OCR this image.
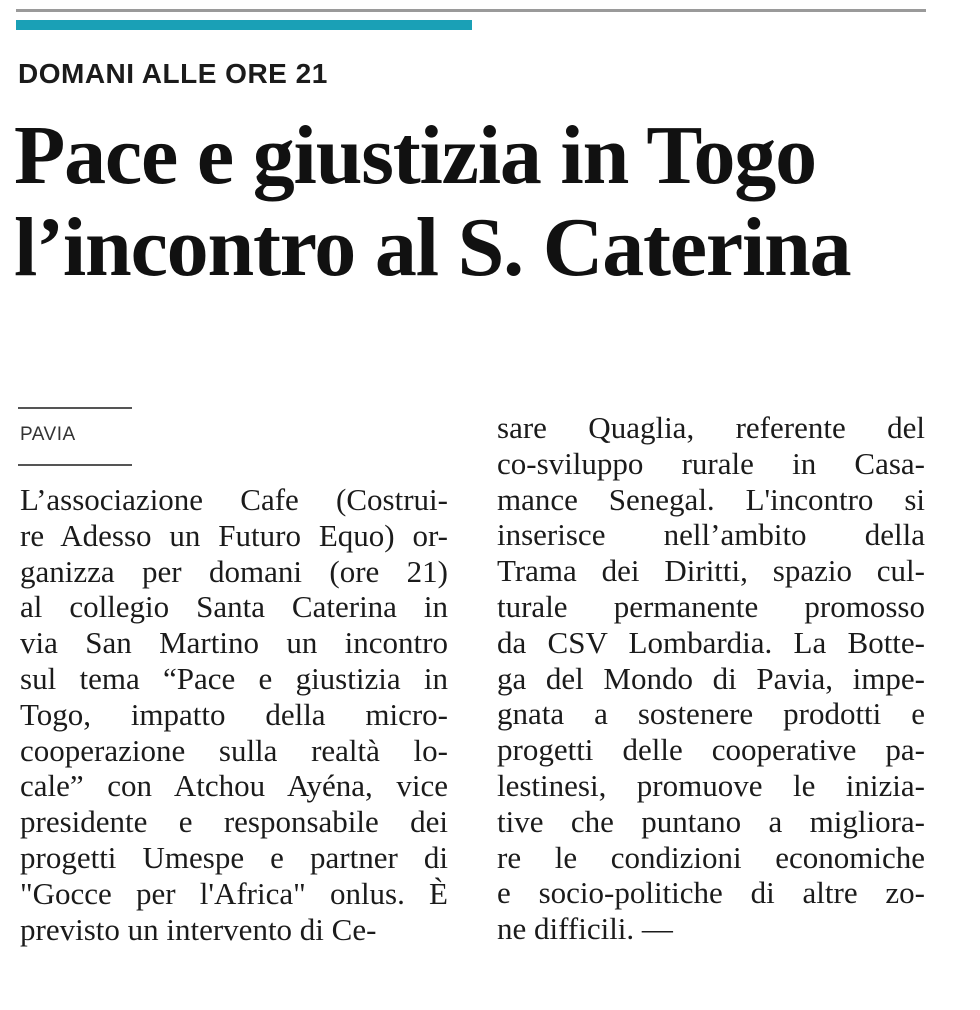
DOMANI ALLE ORE 21
Pace e giustizia in Togo
l’incontro al S. Caterina
PAVIA
L’associazione Cafe (Costrui-
re Adesso un Futuro Equo) or-
ganizza per domani (ore 21)
al collegio Santa Caterina in
via San Martino un incontro
sul tema “Pace e giustizia in
Togo, impatto della micro-
cooperazione sulla realtà lo-
cale” con Atchou Ayéna, vice
presidente e responsabile dei
progetti Umespe e partner di
"Gocce per l'Africa" onlus. È
previsto un intervento di Ce-
sare Quaglia, referente del
co-sviluppo rurale in Casa-
mance Senegal. L'incontro si
inserisce nell’ambito della
Trama dei Diritti, spazio cul-
turale permanente promosso
da CSV Lombardia. La Botte-
ga del Mondo di Pavia, impe-
gnata a sostenere prodotti e
progetti delle cooperative pa-
lestinesi, promuove le inizia-
tive che puntano a migliora-
re le condizioni economiche
e socio-politiche di altre zo-
ne difficili. —
